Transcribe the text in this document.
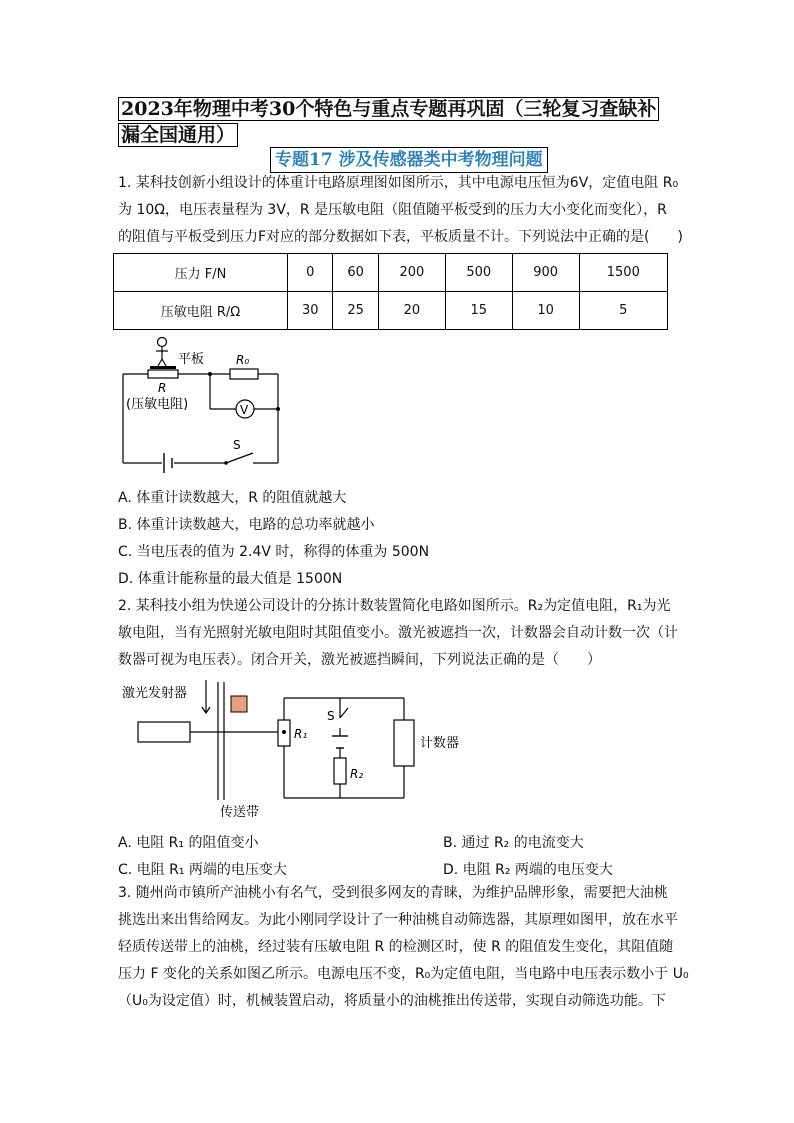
2023年物理中考30个特色与重点专题再巩固（三轮复习查缺补漏全国通用）
专题17 涉及传感器类中考物理问题

1. 某科技创新小组设计的体重计电路原理图如图所示，其中电源电压恒为6V，定值电阻 R₀

为 10Ω，电压表量程为 3V，R 是压敏电阻（阻值随平板受到的压力大小变化而变化），R

的阻值与平板受到压力F对应的部分数据如下表，平板质量不计。下列说法中正确的是(　　)

压力 F/N	0	60	200	500	900	1500
压敏电阻 R/Ω	30	25	20	15	10	5
平板	R₀
V
R
(压敏电阻)
S
A. 体重计读数越大，R 的阻值就越大
B. 体重计读数越大，电路的总功率就越小
C. 当电压表的值为 2.4V 时，称得的体重为 500N
D. 体重计能称量的最大值是 1500N

2. 某科技小组为快递公司设计的分拣计数装置简化电路如图所示。R₂为定值电阻，R₁为光

敏电阻，当有光照射光敏电阻时其阻值变小。激光被遮挡一次，计数器会自动计数一次（计

数器可视为电压表）。闭合开关，激光被遮挡瞬间，下列说法正确的是（　　）

激光发射器
传送带
R₁
S
R₂
计数器
A. 电阻 R₁ 的阻值变小	B. 通过 R₂ 的电流变大
C. 电阻 R₁ 两端的电压变大	D. 电阻 R₂ 两端的电压变大

3. 随州尚市镇所产油桃小有名气，受到很多网友的青睐，为维护品牌形象，需要把大油桃

挑选出来出售给网友。为此小刚同学设计了一种油桃自动筛选器，其原理如图甲，放在水平

轻质传送带上的油桃，经过装有压敏电阻 R 的检测区时，使 R 的阻值发生变化，其阻值随

压力 F 变化的关系如图乙所示。电源电压不变，R₀为定值电阻，当电路中电压表示数小于 U₀

（U₀为设定值）时，机械装置启动，将质量小的油桃推出传送带，实现自动筛选功能。下
